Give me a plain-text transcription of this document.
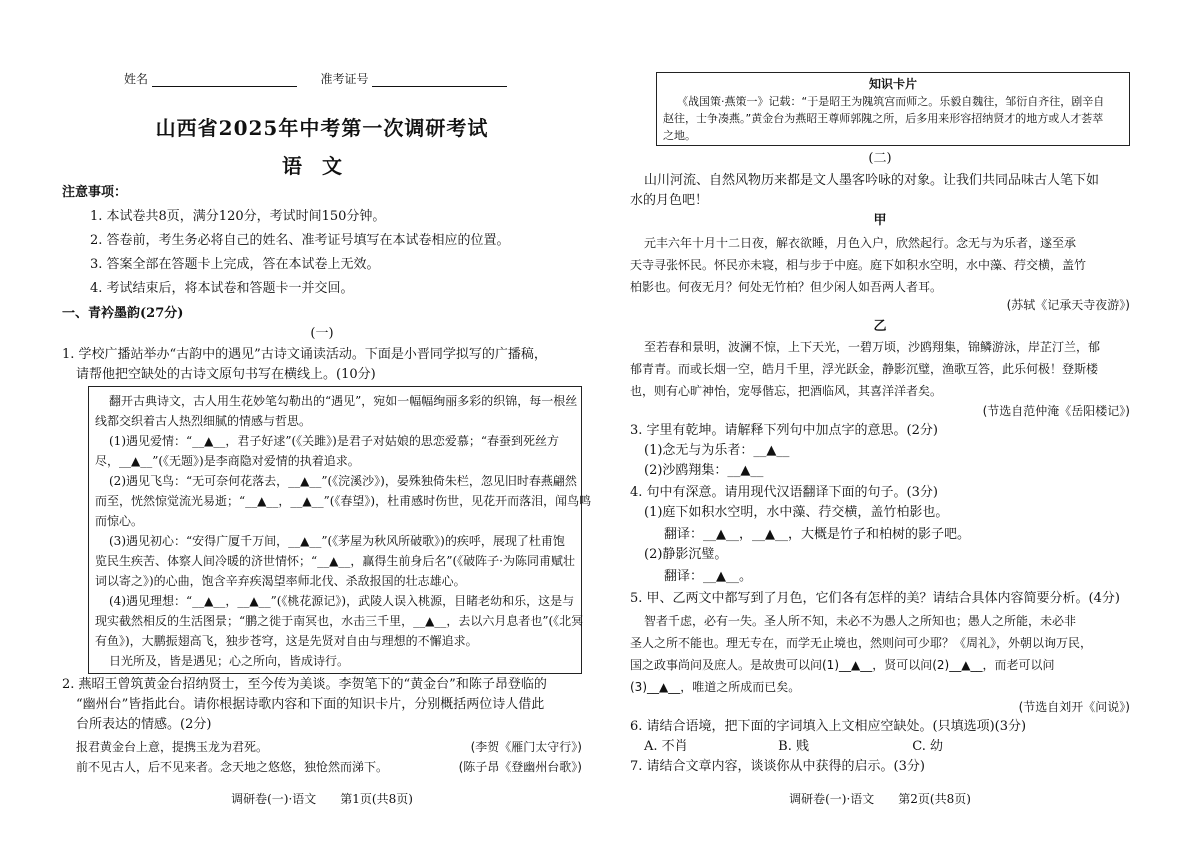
姓名	准考证号
山西省2025年中考第一次调研考试
语文
注意事项：
1. 本试卷共8页，满分120分，考试时间150分钟。
2. 答卷前，考生务必将自己的姓名、准考证号填写在本试卷相应的位置。
3. 答案全部在答题卡上完成，答在本试卷上无效。
4. 考试结束后，将本试卷和答题卡一并交回。
一、青衿墨韵(27分)
(一)
1. 学校广播站举办“古韵中的遇见”古诗文诵读活动。下面是小晋同学拟写的广播稿，
请帮他把空缺处的古诗文原句书写在横线上。(10分)
翻开古典诗文，古人用生花妙笔勾勒出的“遇见”，宛如一幅幅绚丽多彩的织锦，每一根丝
线都交织着古人热烈细腻的情感与哲思。
(1)遇见爱情：“__▲__，君子好逑”(《关雎》)是君子对姑娘的思恋爱慕；“春蚕到死丝方
尽，__▲__”(《无题》)是李商隐对爱情的执着追求。
(2)遇见飞鸟：“无可奈何花落去，__▲__”(《浣溪沙》)，晏殊独倚朱栏，忽见旧时春燕翩然
而至，恍然惊觉流光易逝；“__▲__，__▲__”(《春望》)，杜甫感时伤世，见花开而落泪，闻鸟鸣
而惊心。
(3)遇见初心：“安得广厦千万间，__▲__”(《茅屋为秋风所破歌》)的疾呼，展现了杜甫饱
览民生疾苦、体察人间冷暖的济世情怀；“__▲__，赢得生前身后名”(《破阵子·为陈同甫赋壮
词以寄之》)的心曲，饱含辛弃疾渴望率师北伐、杀敌报国的壮志雄心。
(4)遇见理想：“__▲__，__▲__”(《桃花源记》)，武陵人误入桃源，目睹老幼和乐，这是与
现实截然相反的生活图景；“鹏之徙于南冥也，水击三千里，__▲__，去以六月息者也”(《北冥
有鱼》)，大鹏振翅高飞，独步苍穹，这是先贤对自由与理想的不懈追求。
日光所及，皆是遇见；心之所向，皆成诗行。
2. 燕昭王曾筑黄金台招纳贤士，至今传为美谈。李贺笔下的“黄金台”和陈子昂登临的
“幽州台”皆指此台。请你根据诗歌内容和下面的知识卡片，分别概括两位诗人借此
台所表达的情感。(2分)
报君黄金台上意，提携玉龙为君死。	(李贺《雁门太守行》)
前不见古人，后不见来者。念天地之悠悠，独怆然而涕下。	(陈子昂《登幽州台歌》)
调研卷(一)·语文　　第1页(共8页)
知识卡片
《战国策·燕策一》记载：“于是昭王为隗筑宫而师之。乐毅自魏往，邹衍自齐往，剧辛自
赵往，士争凑燕。”黄金台为燕昭王尊师郭隗之所，后多用来形容招纳贤才的地方或人才荟萃
之地。
(二)
山川河流、自然风物历来都是文人墨客吟咏的对象。让我们共同品味古人笔下如
水的月色吧！
甲
元丰六年十月十二日夜，解衣欲睡，月色入户，欣然起行。念无与为乐者，遂至承
天寺寻张怀民。怀民亦未寝，相与步于中庭。庭下如积水空明，水中藻、荇交横，盖竹
柏影也。何夜无月？何处无竹柏？但少闲人如吾两人者耳。
(苏轼《记承天寺夜游》)
乙
至若春和景明，波澜不惊，上下天光，一碧万顷，沙鸥翔集，锦鳞游泳，岸芷汀兰，郁
郁青青。而或长烟一空，皓月千里，浮光跃金，静影沉璧，渔歌互答，此乐何极！登斯楼
也，则有心旷神怡，宠辱偕忘，把酒临风，其喜洋洋者矣。
(节选自范仲淹《岳阳楼记》)
3. 字里有乾坤。请解释下列句中加点字的意思。(2分)
(1)念无与为乐者：__▲__
(2)沙鸥翔集：__▲__
4. 句中有深意。请用现代汉语翻译下面的句子。(3分)
(1)庭下如积水空明，水中藻、荇交横，盖竹柏影也。
翻译：__▲__，__▲__，大概是竹子和柏树的影子吧。
(2)静影沉璧。
翻译：__▲__。
5. 甲、乙两文中都写到了月色，它们各有怎样的美？请结合具体内容简要分析。(4分)
智者千虑，必有一失。圣人所不知，未必不为愚人之所知也；愚人之所能，未必非
圣人之所不能也。理无专在，而学无止境也，然则问可少耶？《周礼》，外朝以询万民，
国之政事尚问及庶人。是故贵可以问(1)__▲__，贤可以问(2)__▲__，而老可以问
(3)__▲__，唯道之所成而已矣。
(节选自刘开《问说》)
6. 请结合语境，把下面的字词填入上文相应空缺处。(只填选项)(3分)
A. 不肖	B. 贱	C. 幼
7. 请结合文章内容，谈谈你从中获得的启示。(3分)
调研卷(一)·语文　　第2页(共8页)
